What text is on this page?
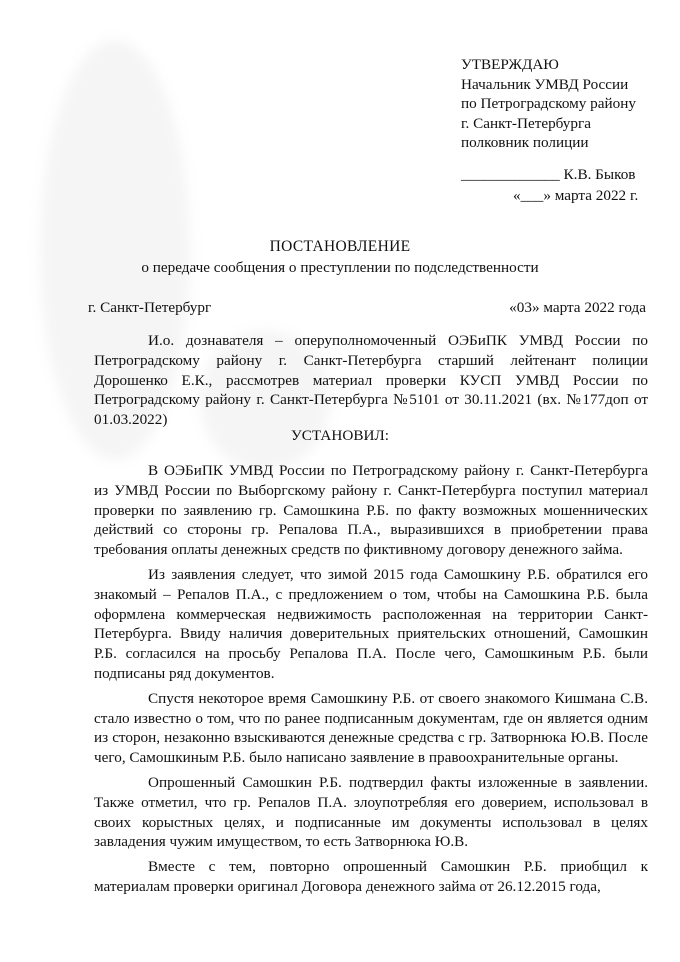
УТВЕРЖДАЮ
Начальник УМВД России
по Петроградскому району
г. Санкт-Петербурга
полковник полиции
_____________ К.В. Быков
«___» марта 2022 г.
ПОСТАНОВЛЕНИЕ
о передаче сообщения о преступлении по подследственности
г. Санкт-Петербург	«03» марта 2022 года
И.о. дознавателя – оперуполномоченный ОЭБиПК УМВД России по Петроградскому району г. Санкт-Петербурга старший лейтенант полиции Дорошенко Е.К., рассмотрев материал проверки КУСП УМВД России по Петроградскому району г. Санкт-Петербурга №5101 от 30.11.2021 (вх. №177доп от 01.03.2022)
УСТАНОВИЛ:

В ОЭБиПК УМВД России по Петроградскому району г. Санкт-Петербурга из УМВД России по Выборгскому району г. Санкт-Петербурга поступил материал проверки по заявлению гр. Самошкина Р.Б. по факту возможных мошеннических действий со стороны гр. Репалова П.А., выразившихся в приобретении права требования оплаты денежных средств по фиктивному договору денежного займа.

Из заявления следует, что зимой 2015 года Самошкину Р.Б. обратился его знакомый – Репалов П.А., с предложением о том, чтобы на Самошкина Р.Б. была оформлена коммерческая недвижимость расположенная на территории Санкт-Петербурга. Ввиду наличия доверительных приятельских отношений, Самошкин Р.Б. согласился на просьбу Репалова П.А. После чего, Самошкиным Р.Б. были подписаны ряд документов.

Спустя некоторое время Самошкину Р.Б. от своего знакомого Кишмана С.В. стало известно о том, что по ранее подписанным документам, где он является одним из сторон, незаконно взыскиваются денежные средства с гр. Затворнюка Ю.В. После чего, Самошкиным Р.Б. было написано заявление в правоохранительные органы.

Опрошенный Самошкин Р.Б. подтвердил факты изложенные в заявлении. Также отметил, что гр. Репалов П.А. злоупотребляя его доверием, использовал в своих корыстных целях, и подписанные им документы использовал в целях завладения чужим имуществом, то есть Затворнюка Ю.В.

Вместе с тем, повторно опрошенный Самошкин Р.Б. приобщил к материалам проверки оригинал Договора денежного займа от 26.12.2015 года,
